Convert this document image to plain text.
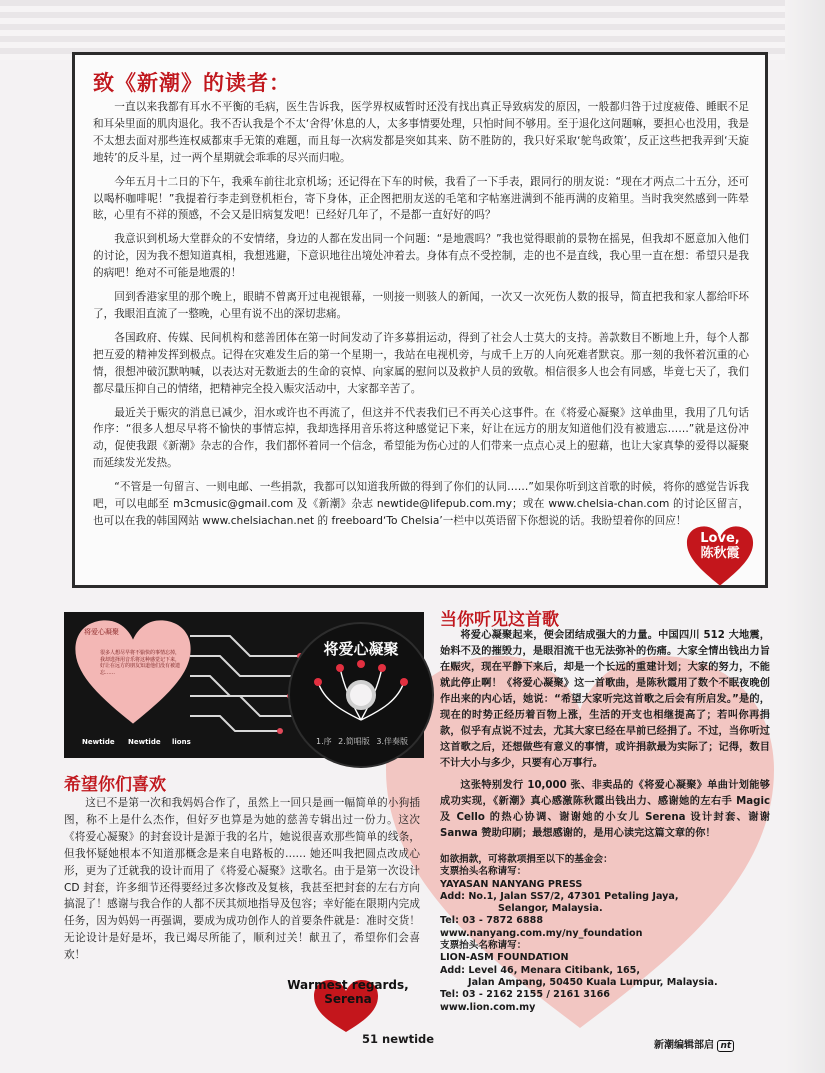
致《新潮》的读者：

一直以来我都有耳水不平衡的毛病，医生告诉我，医学界权威暂时还没有找出真正导致病发的原因，一般都归咎于过度疲倦、睡眠不足和耳朵里面的肌肉退化。我不否认我是个不太‘舍得’休息的人，太多事情要处理，只怕时间不够用。至于退化这问题嘛，要担心也没用，我是不太想去面对那些连权威都束手无策的难题，而且每一次病发都是突如其来、防不胜防的，我只好采取‘鸵鸟政策’，反正这些把我弄到‘天旋地转’的反斗星，过一两个星期就会乖乖的尽兴而归啦。

今年五月十二日的下午，我乘车前往北京机场；还记得在下车的时候，我看了一下手表，跟同行的朋友说：“现在才两点二十五分，还可以喝杯咖啡呢！”我提着行李走到登机柜台，寄下身体，正企图把朋友送的毛笔和字帖塞进满到不能再满的皮箱里。当时我突然感到一阵晕眩，心里有不祥的预感，不会又是旧病复发吧！已经好几年了，不是都一直好好的吗？

我意识到机场大堂群众的不安情绪，身边的人都在发出同一个问题：“是地震吗？”我也觉得眼前的景物在摇晃，但我却不愿意加入他们的讨论，因为我不想知道真相，我想逃避，下意识地往出境处冲着去。身体有点不受控制，走的也不是直线，我心里一直在想：希望只是我的病吧！绝对不可能是地震的！

回到香港家里的那个晚上，眼睛不曾离开过电视银幕，一则接一则骇人的新闻，一次又一次死伤人数的报导，简直把我和家人都给吓坏了，我眼泪直流了一整晚，心里有说不出的深切悲痛。

各国政府、传媒、民间机构和慈善团体在第一时间发动了许多募捐运动，得到了社会人士莫大的支持。善款数目不断地上升，每个人都把互爱的精神发挥到极点。记得在灾难发生后的第一个星期一，我站在电视机旁，与成千上万的人向死难者默哀。那一刻的我怀着沉重的心情，很想冲破沉默呐喊，以表达对无数逝去的生命的哀悼、向家属的慰问以及救护人员的致敬。相信很多人也会有同感，毕竟七天了，我们都尽量压抑自己的情绪，把精神完全投入赈灾活动中，大家都辛苦了。

最近关于赈灾的消息已减少，泪水或许也不再流了，但这并不代表我们已不再关心这事件。在《将爱心凝聚》这单曲里，我用了几句话作序：“很多人想尽早将不愉快的事情忘掉，我却选择用音乐将这种感觉记下来，好让在远方的朋友知道他们没有被遗忘……”就是这份冲动，促使我跟《新潮》杂志的合作，我们都怀着同一个信念，希望能为伤心过的人们带来一点点心灵上的慰藉，也让大家真挚的爱得以凝聚而延续发光发热。

“不管是一句留言、一则电邮、一些捐款，我都可以知道我所做的得到了你们的认同……”如果你听到这首歌的时候，将你的感觉告诉我吧，可以电邮至 m3cmusic@gmail.com 及《新潮》杂志 newtide@lifepub.com.my；或在 www.chelsia-chan.com 的讨论区留言，也可以在我的韩国网站 www.chelsiachan.net 的 freeboard‘To Chelsia’一栏中以英语留下你想说的话。我盼望着你的回应！

Love,
陈秋霞
将爱心凝聚
很多人想尽早将不愉快的事情忘掉，我却选择用音乐将这种感觉记下来，好让在远方的朋友知道他们没有被遗忘……
Newtide Newtide lions
将爱心凝聚
1.序 2.简唱版 3.伴奏版
希望你们喜欢

这已不是第一次和我妈妈合作了，虽然上一回只是画一幅简单的小狗插图，称不上是什么杰作，但好歹也算是为她的慈善专辑出过一份力。这次《将爱心凝聚》的封套设计是源于我的名片，她说很喜欢那些简单的线条，但我怀疑她根本不知道那概念是来自电路板的…… 她还叫我把圆点改成心形，更为了迁就我的设计而用了《将爱心凝聚》这歌名。由于是第一次设计 CD 封套，许多细节还得要经过多次修改及复核，我甚至把封套的左右方向搞混了！感谢与我合作的人都不厌其烦地指导及包容；幸好能在限期内完成任务，因为妈妈一再强调，要成为成功创作人的首要条件就是：准时交货！无论设计是好是坏，我已竭尽所能了，顺利过关！献丑了，希望你们会喜欢！

Warmest regards,
Serena
当你听见这首歌

将爱心凝聚起来，便会团结成强大的力量。中国四川 512 大地震，始料不及的摧毁力，是眼泪流干也无法弥补的伤痛。大家全情出钱出力旨在赈灾，现在平静下来后，却是一个长远的重建计划；大家的努力，不能就此停止啊！《将爱心凝聚》这一首歌曲，是陈秋霞用了数个不眠夜晚创作出来的内心话，她说：“希望大家听完这首歌之后会有所启发。”是的，现在的时势正经历着百物上涨，生活的开支也相继提高了；若叫你再捐款，似乎有点说不过去，尤其大家已经在早前已经捐了。不过，当你听过这首歌之后，还想做些有意义的事情，或许捐款最为实际了；记得，数目不计大小与多少，只要有心万事行。

这张特别发行 10,000 张、非卖品的《将爱心凝聚》单曲计划能够成功实现，《新潮》真心感激陈秋霞出钱出力、感谢她的左右手 Magic 及 Cello 的热心协调、谢谢她的小女儿 Serena 设计封套、谢谢 Sanwa 赞助印刷；最想感谢的，是用心读完这篇文章的你！

如欲捐款，可将款项捐至以下的基金会：
支票抬头名称请写：
YAYASAN NANYANG PRESS
Add: No.1, Jalan SS7/2, 47301 Petaling Jaya,
Selangor, Malaysia.
Tel: 03 - 7872 6888
www.nanyang.com.my/ny_foundation
支票抬头名称请写：
LION-ASM FOUNDATION
Add: Level 46, Menara Citibank, 165,
Jalan Ampang, 50450 Kuala Lumpur, Malaysia.
Tel: 03 - 2162 2155 / 2161 3166
www.lion.com.my
新潮编辑部启 nt
51 newtide
